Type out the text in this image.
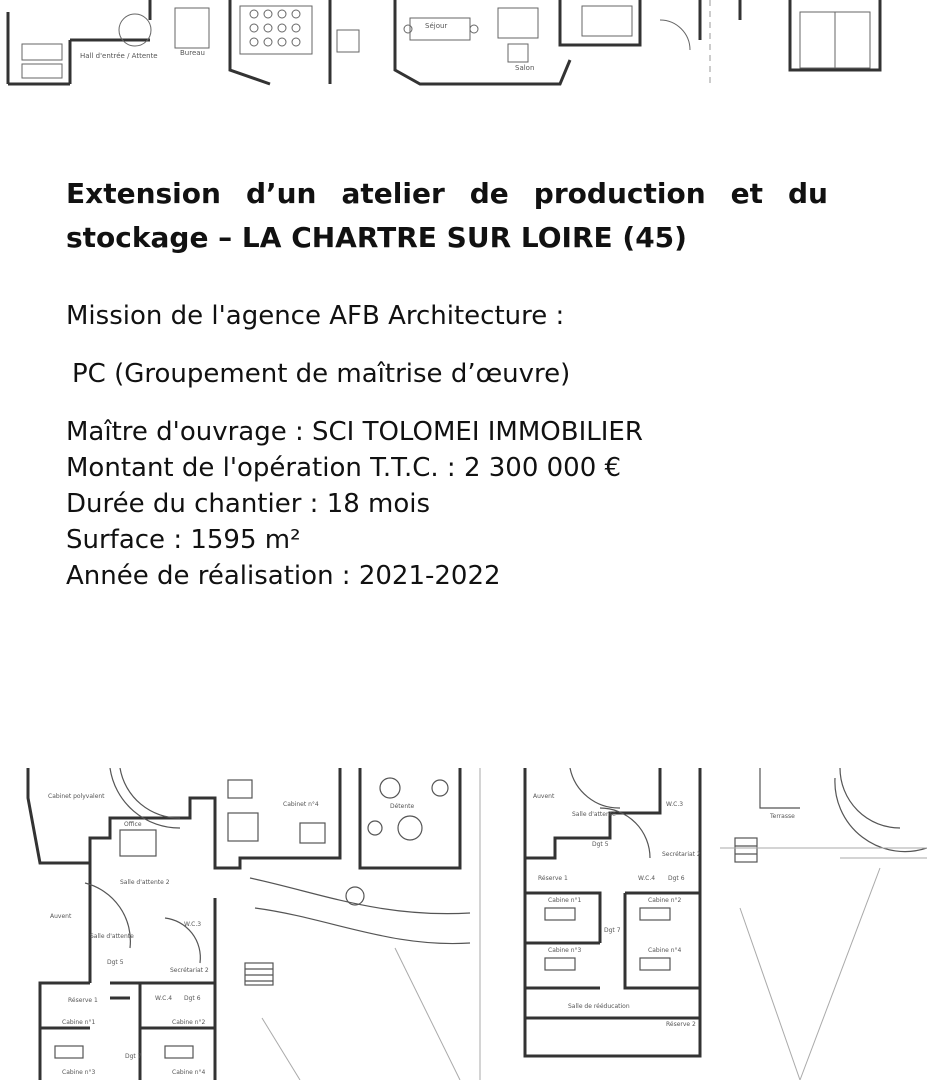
Séjour
Salon
Hall d'entrée / Attente	Bureau
Extension d’un atelier de production et du
stockage – LA CHARTRE SUR LOIRE (45)

Mission de l'agence AFB Architecture :

PC (Groupement de maîtrise d’œuvre)

Maître d'ouvrage : SCI TOLOMEI IMMOBILIER
Montant de l'opération T.T.C. : 2 300 000 €
Durée du chantier : 18 mois
Surface : 1595 m²
Année de réalisation : 2021-2022
Cabinet polyvalent
Office
Salle d'attente 2
Cabinet n°4	Détente
Auvent
Salle d'attente
W.C.3
Dgt 5
Secrétariat 2
Réserve 1	W.C.4 Dgt 6
Cabine n°1	Cabine n°2
Dgt 7
Cabine n°3	Cabine n°4
Auvent
Salle d'attente
W.C.3
Terrasse
Dgt 5
Secrétariat 2
Réserve 1	W.C.4 Dgt 6
Cabine n°1	Cabine n°2
Dgt 7
Cabine n°3	Cabine n°4
Salle de rééducation
Réserve 2
